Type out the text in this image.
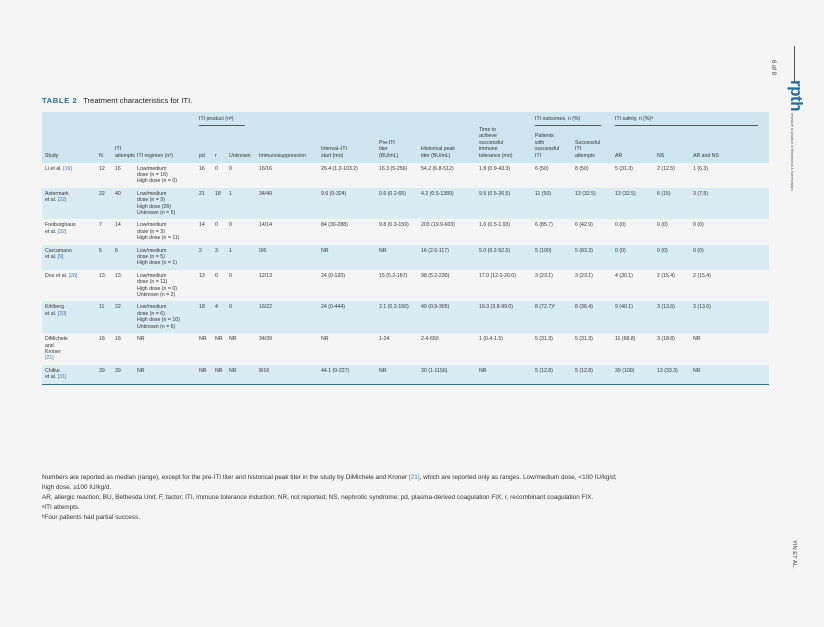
6 of 9
rpthresearch & practice in thrombosis & haemostasis
YIN ET AL.
TABLE 2 Treatment characteristics for ITI.

				ITI product (nᵃ)								ITI outcomes, n (%)		ITI safety, n (%)ᵃ		

Study	N	ITI
attempts	ITI regimen (nᵃ)	pd	r	Unknown	Immunosuppression	Interval–ITI
start (mo)	Pre-ITI
titer
(BU/mL)	Historical peak
titer (BU/mL)	Time to
achieve
successful
immune
tolerance (mo)	Patients
with
successful
ITI	Successful
ITI
attempts	AR	NS	AR and NS
Li et al. [19]	12	16	Low/medium
dose (n = 16)
High dose (n = 0)	16	0	0	16/16	26.4 (1.2-103.2)	16.3 (5-256)	54.2 (6.8-512)	1.8 (0.9-43.3)	6 (50)	8 (50)	5 (31.3)	2 (12.5)	1 (6.3)
Astermark
et al. [22]	22	40	Low/medium
dose (n = 9)
High dose (26)
Unknown (n = 5)	21	18	1	34/40	9.6 (0-324)	0.6 (0.2-65)	4.2 (0.5-1380)	9.5 (0.5-26.5)	11 (50)	13 (32.5)	13 (32.5)	6 (15)	3 (7.5)
Freiburghaus
et al. [32]	7	14	Low/medium
dose (n = 3)
High dose (n = 11)	14	0	0	14/14	84 (36-288)	9.8 (0.3-159)	203 (19.9-603)	1.0 (0.5-1.93)	6 (85.7)	6 (42.9)	0 (0)	0 (0)	0 (0)
Carcamano
et al. [9]	5	6	Low/medium
dose (n = 5)
High dose (n = 1)	2	3	1	0/6	NR	NR	16 (2.6-117)	5.0 (0.2-52.5)	5 (100)	5 (83.3)	0 (0)	0 (0)	0 (0)
Dou et al. [28]	13	13	Low/medium
dose (n = 11)
High dose (n = 0)
Unknown (n = 2)	13	0	0	12/13	24 (0-120)	15 (5.2-167)	98 (5.2-230)	17.0 (12.0-20.0)	3 (23.1)	3 (23.1)	4 (30.1)	2 (15.4)	2 (15.4)
Kihlberg
et al. [20]	11	22	Low/medium
dose (n = 6)
High dose (n = 10)
Unknown (n = 6)	18	4	0	16/22	24 (0-444)	2.1 (0.2-150)	40 (0.9-305)	19.3 (3.8-99.0)	8 (72.7)ᵇ	8 (36.4)	9 (40.1)	3 (13.6)	3 (13.6)
DiMichele
and
Kroner
[21]	16	16	NR	NR	NR	NR	34/39	NR	1-24	2.4-650	1 (0.4-1.5)	5 (31.3)	5 (31.3)	11 (68.8)	3 (18.8)	NR
Chitlur
et al. [31]	39	39	NR	NR	NR	NR	8/16	44.1 (0-227)	NR	30 (1-1156)	NR	5 (12.8)	5 (12.8)	39 (100)	13 (33.3)	NR
Numbers are reported as median (range), except for the pre-ITI titer and historical peak titer in the study by DiMichele and Kroner [21], which are reported only as ranges. Low/medium dose, <100 IU/kg/d;
high dose, ≥100 IU/kg/d.
AR, allergic reaction; BU, Bethesda Unit; F, factor; ITI, immune tolerance induction; NR, not reported; NS, nephrotic syndrome; pd, plasma-derived coagulation FIX; r, recombinant coagulation FIX.
ᵃITI attempts.
ᵇFour patients had partial success.
